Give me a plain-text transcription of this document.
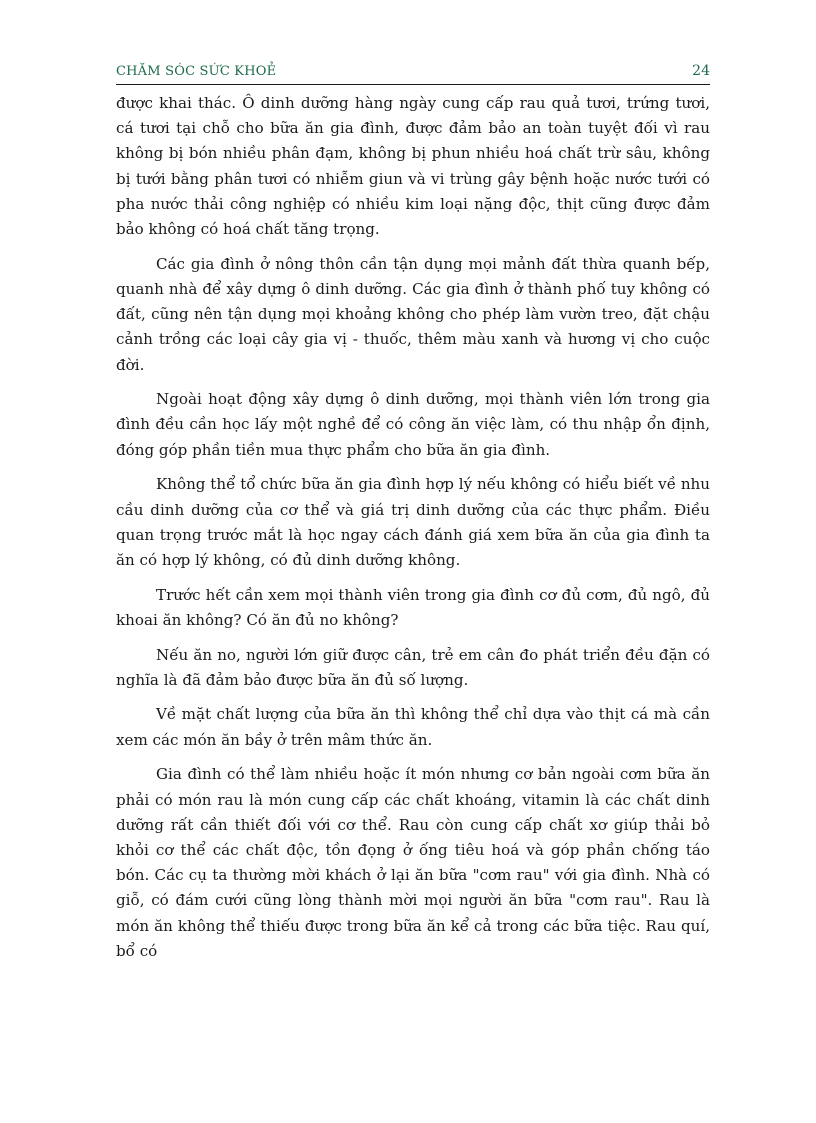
CHĂM SÓC SỨC KHOẺ	24

được khai thác. Ô dinh dưỡng hàng ngày cung cấp rau quả tươi, trứng tươi, cá tươi tại chỗ cho bữa ăn gia đình, được đảm bảo an toàn tuyệt đối vì rau không bị bón nhiều phân đạm, không bị phun nhiều hoá chất trừ sâu, không bị tưới bằng phân tươi có nhiễm giun và vi trùng gây bệnh hoặc nước tưới có pha nước thải công nghiệp có nhiều kim loại nặng độc, thịt cũng được đảm bảo không có hoá chất tăng trọng.

Các gia đình ở nông thôn cần tận dụng mọi mảnh đất thừa quanh bếp, quanh nhà để xây dựng ô dinh dưỡng. Các gia đình ở thành phố tuy không có đất, cũng nên tận dụng mọi khoảng không cho phép làm vườn treo, đặt chậu cảnh trồng các loại cây gia vị - thuốc, thêm màu xanh và hương vị cho cuộc đời.

Ngoài hoạt động xây dựng ô dinh dưỡng, mọi thành viên lớn trong gia đình đều cần học lấy một nghề để có công ăn việc làm, có thu nhập ổn định, đóng góp phần tiền mua thực phẩm cho bữa ăn gia đình.

Không thể tổ chức bữa ăn gia đình hợp lý nếu không có hiểu biết về nhu cầu dinh dưỡng của cơ thể và giá trị dinh dưỡng của các thực phẩm. Điều quan trọng trước mắt là học ngay cách đánh giá xem bữa ăn của gia đình ta ăn có hợp lý không, có đủ dinh dưỡng không.

Trước hết cần xem mọi thành viên trong gia đình cơ đủ cơm, đủ ngô, đủ khoai ăn không? Có ăn đủ no không?

Nếu ăn no, người lớn giữ được cân, trẻ em cân đo phát triển đều đặn có nghĩa là đã đảm bảo được bữa ăn đủ số lượng.

Về mặt chất lượng của bữa ăn thì không thể chỉ dựa vào thịt cá mà cần xem các món ăn bầy ở trên mâm thức ăn.

Gia đình có thể làm nhiều hoặc ít món nhưng cơ bản ngoài cơm bữa ăn phải có món rau là món cung cấp các chất khoáng, vitamin là các chất dinh dưỡng rất cần thiết đối với cơ thể. Rau còn cung cấp chất xơ giúp thải bỏ khỏi cơ thể các chất độc, tồn đọng ở ống tiêu hoá và góp phần chống táo bón. Các cụ ta thường mời khách ở lại ăn bữa "cơm rau" với gia đình. Nhà có giỗ, có đám cưới cũng lòng thành mời mọi người ăn bữa "cơm rau". Rau là món ăn không thể thiếu được trong bữa ăn kể cả trong các bữa tiệc. Rau quí, bổ có
